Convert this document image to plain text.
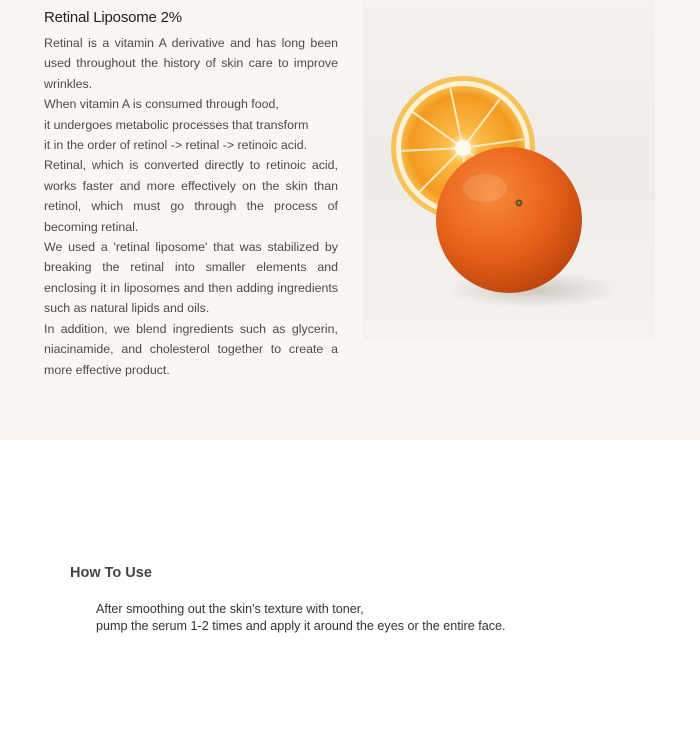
Retinal Liposome 2%

Retinal is a vitamin A derivative and has long been used throughout the history of skin care to improve wrinkles.

When vitamin A is consumed through food,

it undergoes metabolic processes that transform

it in the order of retinol -> retinal -> retinoic acid.

Retinal, which is converted directly to retinoic acid, works faster and more effectively on the skin than retinol, which must go through the process of becoming retinal.

We used a 'retinal liposome' that was stabilized by breaking the retinal into smaller elements and enclosing it in liposomes and then adding ingredients such as natural lipids and oils.

In addition, we blend ingredients such as glycerin, niacinamide, and cholesterol together to create a more effective product.

How To Use
After smoothing out the skin's texture with toner,
pump the serum 1-2 times and apply it around the eyes or the entire face.
